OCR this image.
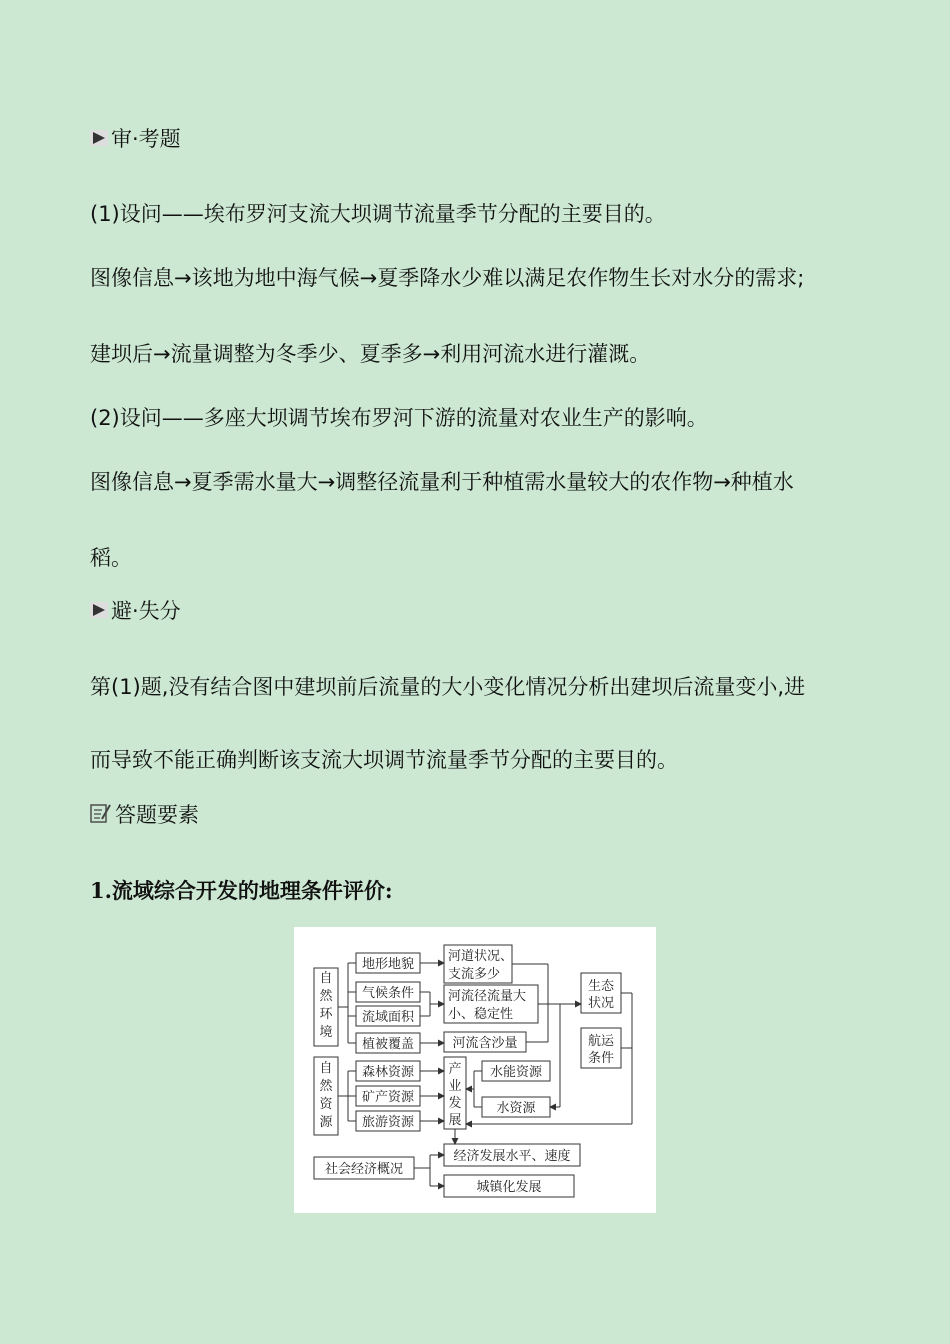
审·考题
(1)设问——埃布罗河支流大坝调节流量季节分配的主要目的。
图像信息→该地为地中海气候→夏季降水少难以满足农作物生长对水分的需求;
建坝后→流量调整为冬季少、夏季多→利用河流水进行灌溉。
(2)设问——多座大坝调节埃布罗河下游的流量对农业生产的影响。
图像信息→夏季需水量大→调整径流量利于种植需水量较大的农作物→种植水
稻。
避·失分
第(1)题,没有结合图中建坝前后流量的大小变化情况分析出建坝后流量变小,进
而导致不能正确判断该支流大坝调节流量季节分配的主要目的。
答题要素
1.流域综合开发的地理条件评价:
自
然
环
境
自
然
资
源
地形地貌
气候条件
流域面积
植被覆盖
森林资源
矿产资源
旅游资源
河道状况、
支流多少
河流径流量大
小、稳定性
河流含沙量
产
业
发
展
水能资源
水资源
生态
状况
航运
条件
社会经济概况
经济发展水平、速度
城镇化发展
